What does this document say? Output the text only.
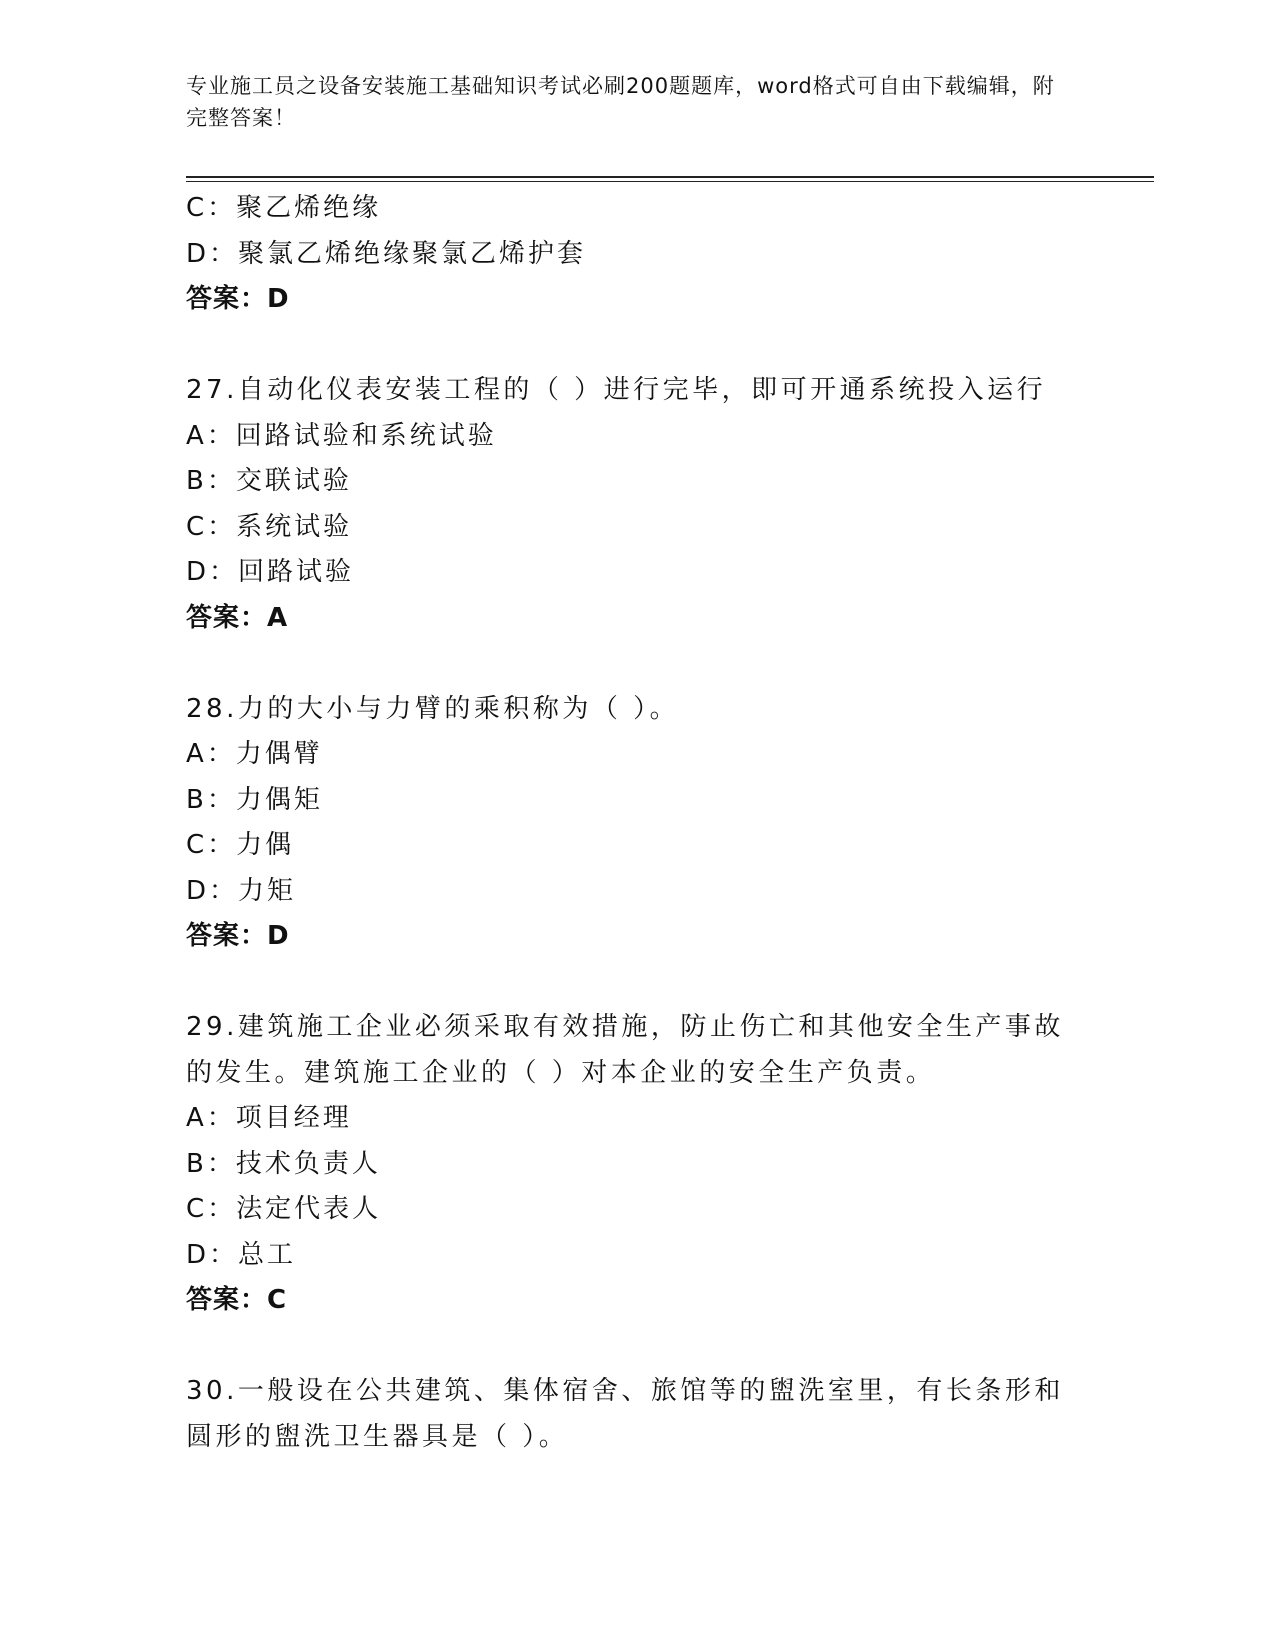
专业施工员之设备安装施工基础知识考试必刷200题题库，word格式可自由下载编辑，附完整答案！
C：聚乙烯绝缘
D：聚氯乙烯绝缘聚氯乙烯护套
答案：D
27.自动化仪表安装工程的（ ）进行完毕，即可开通系统投入运行
A：回路试验和系统试验
B：交联试验
C：系统试验
D：回路试验
答案：A
28.力的大小与力臂的乘积称为（ ）。
A：力偶臂
B：力偶矩
C：力偶
D：力矩
答案：D
29.建筑施工企业必须采取有效措施，防止伤亡和其他安全生产事故的发生。建筑施工企业的（ ）对本企业的安全生产负责。
A：项目经理
B：技术负责人
C：法定代表人
D：总工
答案：C
30.一般设在公共建筑、集体宿舍、旅馆等的盥洗室里，有长条形和圆形的盥洗卫生器具是（ ）。
